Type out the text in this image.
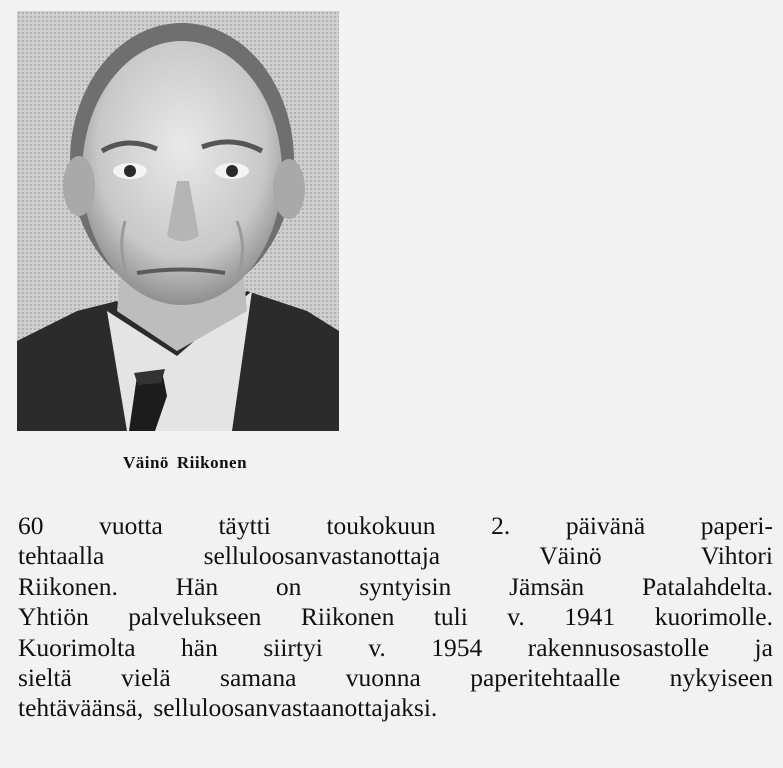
Väinö Riikonen
60 vuotta täytti toukokuun 2. päivänä paperi-
tehtaalla	selluloosanvastanottaja	Väinö	Vihtori
Riikonen. Hän on syntyisin Jämsän Patalahdelta.
Yhtiön palvelukseen Riikonen tuli v. 1941 kuorimolle.
Kuorimolta hän siirtyi v. 1954 rakennusosastolle ja
sieltä vielä samana vuonna paperitehtaalle nykyiseen
tehtäväänsä, selluloosanvastaanottajaksi.
